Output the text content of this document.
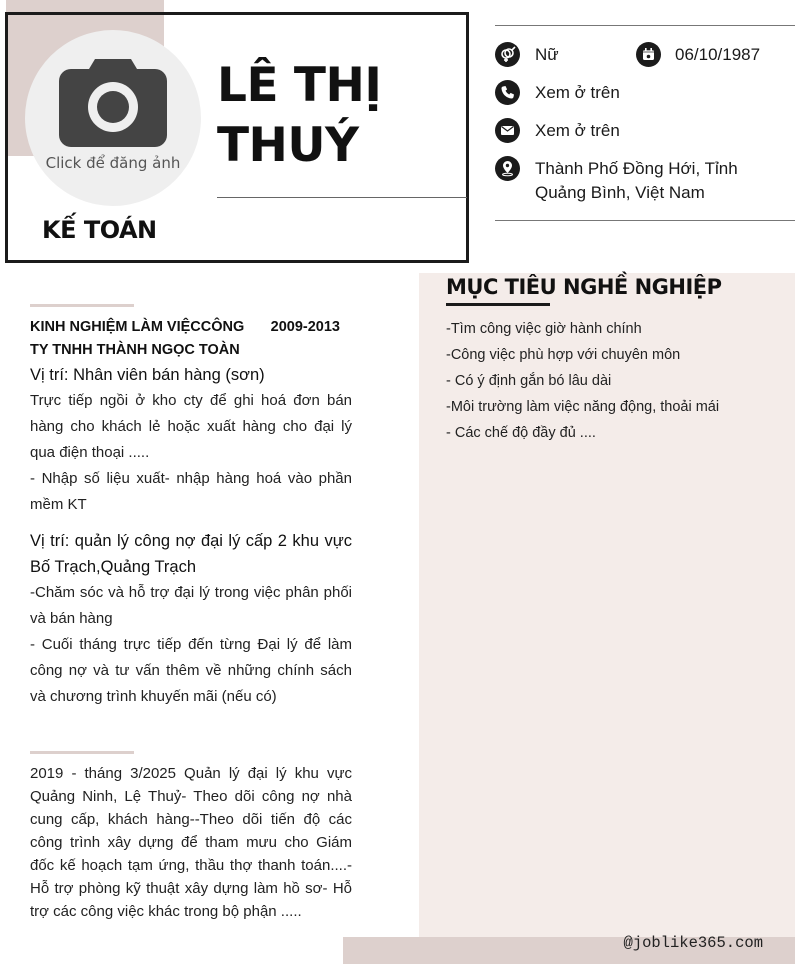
Click để đăng ảnh
LÊ THỊ
THUÝ
KẾ TOÁN
Nữ	06/10/1987
Xem ở trên
Xem ở trên
Thành Phố Đồng Hới, Tỉnh
Quảng Bình, Việt Nam
MỤC TIÊU NGHỀ NGHIỆP
-Tìm công việc giờ hành chính
-Công việc phù hợp với chuyên môn
- Có ý định gắn bó lâu dài
-Môi trường làm việc năng động, thoải mái
- Các chế độ đầy đủ ....
KINH NGHIỆM LÀM VIỆCCÔNG
TY TNHH THÀNH NGỌC TOÀN
2009-2013
Vị trí: Nhân viên bán hàng (sơn)
Trực tiếp ngồi ở kho cty để ghi hoá đơn bán hàng cho khách lẻ hoặc xuất hàng cho đại lý qua điện thoại .....
- Nhập số liệu xuất- nhập hàng hoá vào phần mềm KT
Vị trí: quản lý công nợ đại lý cấp 2 khu vực Bố Trạch,Quảng Trạch
-Chăm sóc và hỗ trợ đại lý trong việc phân phối và bán hàng
- Cuối tháng trực tiếp đến từng Đại lý để làm công nợ và tư vấn thêm về những chính sách và chương trình khuyến mãi (nếu có)
2019 - tháng 3/2025 Quản lý đại lý khu vực Quảng Ninh, Lệ Thuỷ- Theo dõi công nợ nhà cung cấp, khách hàng--Theo dõi tiến độ các công trình xây dựng để tham mưu cho Giám đốc kế hoạch tạm ứng, thầu thợ thanh toán....- Hỗ trợ phòng kỹ thuật xây dựng làm hồ sơ- Hỗ trợ các công việc khác trong bộ phận .....
@joblike365.com
